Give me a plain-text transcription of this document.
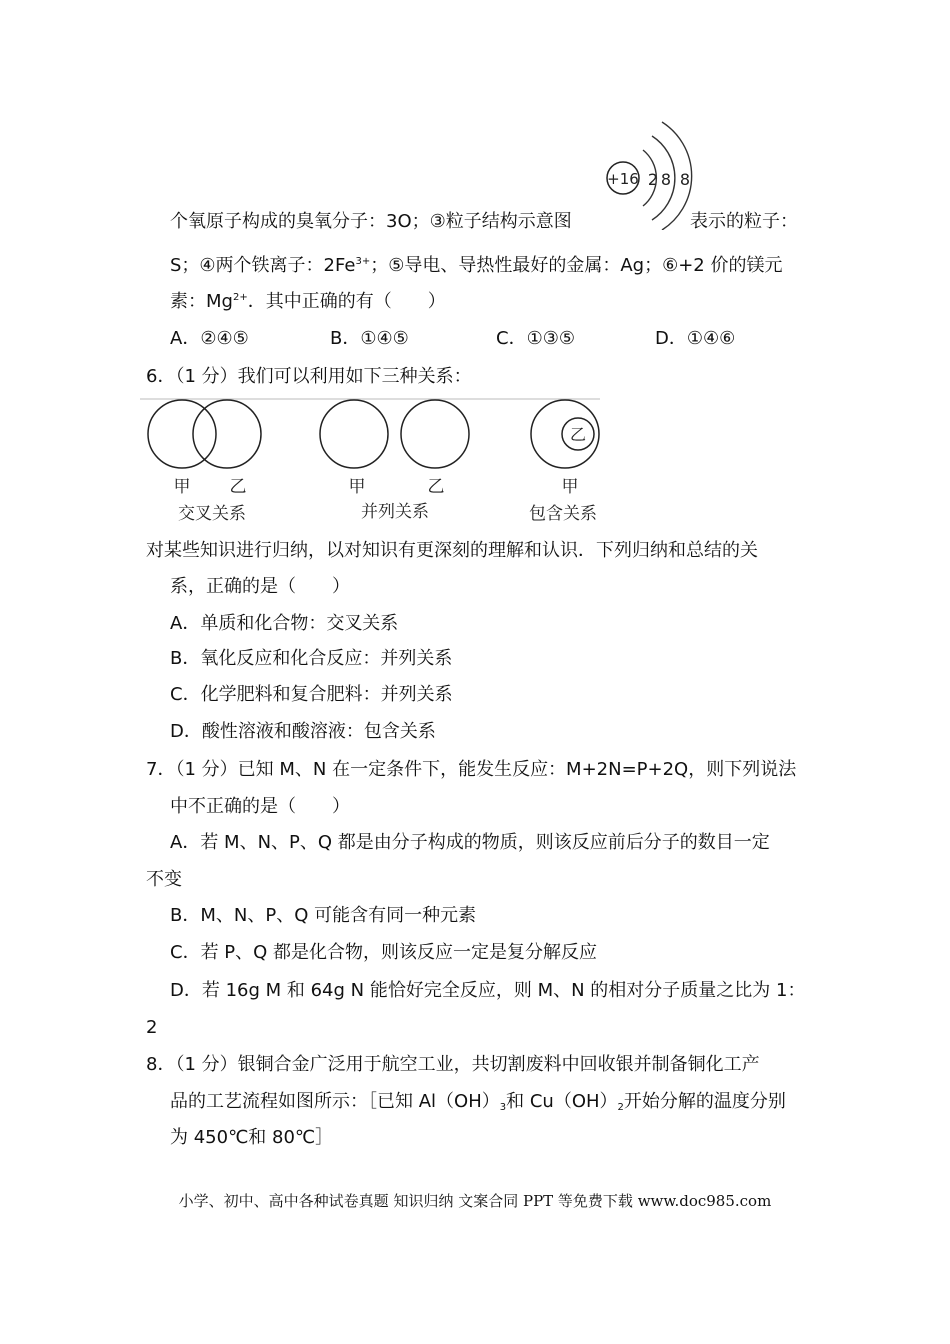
+16 2 8 8
个氧原子构成的臭氧分子：3O；③粒子结构示意图	表示的粒子：
S；④两个铁离子：$2Fe^{3+}$；⑤导电、导热性最好的金属：Ag；⑥+2 价的镁元
素：$Mg^{2+}$．其中正确的有（　　）
A．②④⑤	B．①④⑤	C．①③⑤	D．①④⑥
6．（1 分）我们可以利用如下三种关系：
甲 乙
交叉关系
甲	乙
并列关系
乙
甲
包含关系
对某些知识进行归纳，以对知识有更深刻的理解和认识．下列归纳和总结的关
系，正确的是（　　）
A．单质和化合物：交叉关系
B．氧化反应和化合反应：并列关系
C．化学肥料和复合肥料：并列关系
D．酸性溶液和酸溶液：包含关系
7．（1 分）已知 M、N 在一定条件下，能发生反应：M+2N=P+2Q，则下列说法
中不正确的是（　　）
A．若 M、N、P、Q 都是由分子构成的物质，则该反应前后分子的数目一定
不变
B．M、N、P、Q 可能含有同一种元素
C．若 P、Q 都是化合物，则该反应一定是复分解反应
D．若 16g M 和 64g N 能恰好完全反应，则 M、N 的相对分子质量之比为 1：
2
8．（1 分）银铜合金广泛用于航空工业，共切割废料中回收银并制备铜化工产
品的工艺流程如图所示：［已知 $Al(OH)_3$和 $Cu(OH)_2$开始分解的温度分别
为 450℃和 80℃］
小学、初中、高中各种试卷真题 知识归纳 文案合同 PPT 等免费下载 www.doc985.com
